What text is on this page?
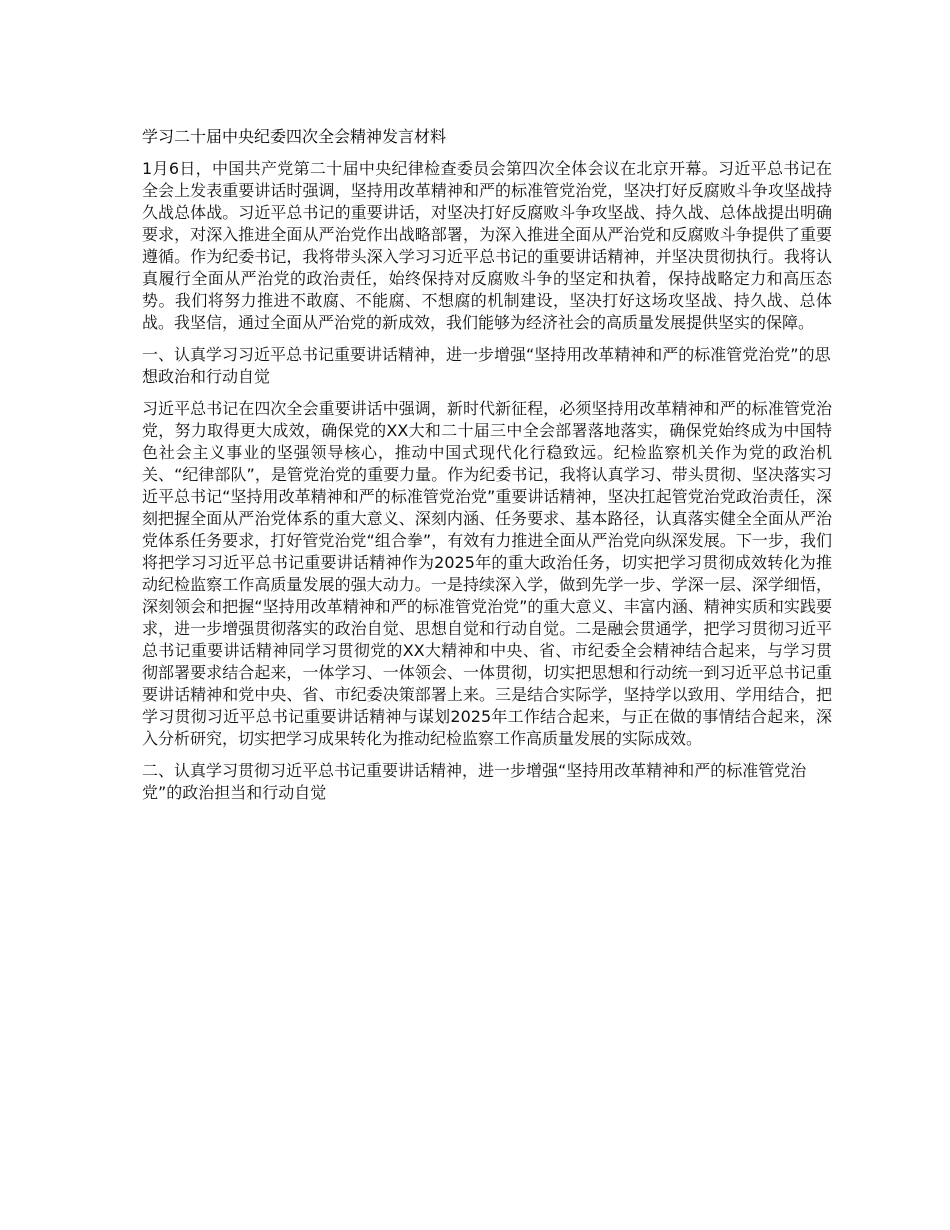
学习二十届中央纪委四次全会精神发言材料

1月6日，中国共产党第二十届中央纪律检查委员会第四次全体会议在北京开幕。习近平总书记在全会上发表重要讲话时强调，坚持用改革精神和严的标准管党治党，坚决打好反腐败斗争攻坚战持久战总体战。习近平总书记的重要讲话，对坚决打好反腐败斗争攻坚战、持久战、总体战提出明确要求，对深入推进全面从严治党作出战略部署，为深入推进全面从严治党和反腐败斗争提供了重要遵循。作为纪委书记，我将带头深入学习习近平总书记的重要讲话精神，并坚决贯彻执行。我将认真履行全面从严治党的政治责任，始终保持对反腐败斗争的坚定和执着，保持战略定力和高压态势。我们将努力推进不敢腐、不能腐、不想腐的机制建设，坚决打好这场攻坚战、持久战、总体战。我坚信，通过全面从严治党的新成效，我们能够为经济社会的高质量发展提供坚实的保障。

一、认真学习习近平总书记重要讲话精神，进一步增强“坚持用改革精神和严的标准管党治党”的思想政治和行动自觉

习近平总书记在四次全会重要讲话中强调，新时代新征程，必须坚持用改革精神和严的标准管党治党，努力取得更大成效，确保党的XX大和二十届三中全会部署落地落实，确保党始终成为中国特色社会主义事业的坚强领导核心，推动中国式现代化行稳致远。纪检监察机关作为党的政治机关、“纪律部队”，是管党治党的重要力量。作为纪委书记，我将认真学习、带头贯彻、坚决落实习近平总书记“坚持用改革精神和严的标准管党治党”重要讲话精神，坚决扛起管党治党政治责任，深刻把握全面从严治党体系的重大意义、深刻内涵、任务要求、基本路径，认真落实健全全面从严治党体系任务要求，打好管党治党“组合拳”，有效有力推进全面从严治党向纵深发展。下一步，我们将把学习习近平总书记重要讲话精神作为2025年的重大政治任务，切实把学习贯彻成效转化为推动纪检监察工作高质量发展的强大动力。一是持续深入学，做到先学一步、学深一层、深学细悟，深刻领会和把握“坚持用改革精神和严的标准管党治党”的重大意义、丰富内涵、精神实质和实践要求，进一步增强贯彻落实的政治自觉、思想自觉和行动自觉。二是融会贯通学，把学习贯彻习近平总书记重要讲话精神同学习贯彻党的XX大精神和中央、省、市纪委全会精神结合起来，与学习贯彻部署要求结合起来，一体学习、一体领会、一体贯彻，切实把思想和行动统一到习近平总书记重要讲话精神和党中央、省、市纪委决策部署上来。三是结合实际学，坚持学以致用、学用结合，把学习贯彻习近平总书记重要讲话精神与谋划2025年工作结合起来，与正在做的事情结合起来，深入分析研究，切实把学习成果转化为推动纪检监察工作高质量发展的实际成效。

二、认真学习贯彻习近平总书记重要讲话精神，进一步增强“坚持用改革精神和严的标准管党治党”的政治担当和行动自觉
